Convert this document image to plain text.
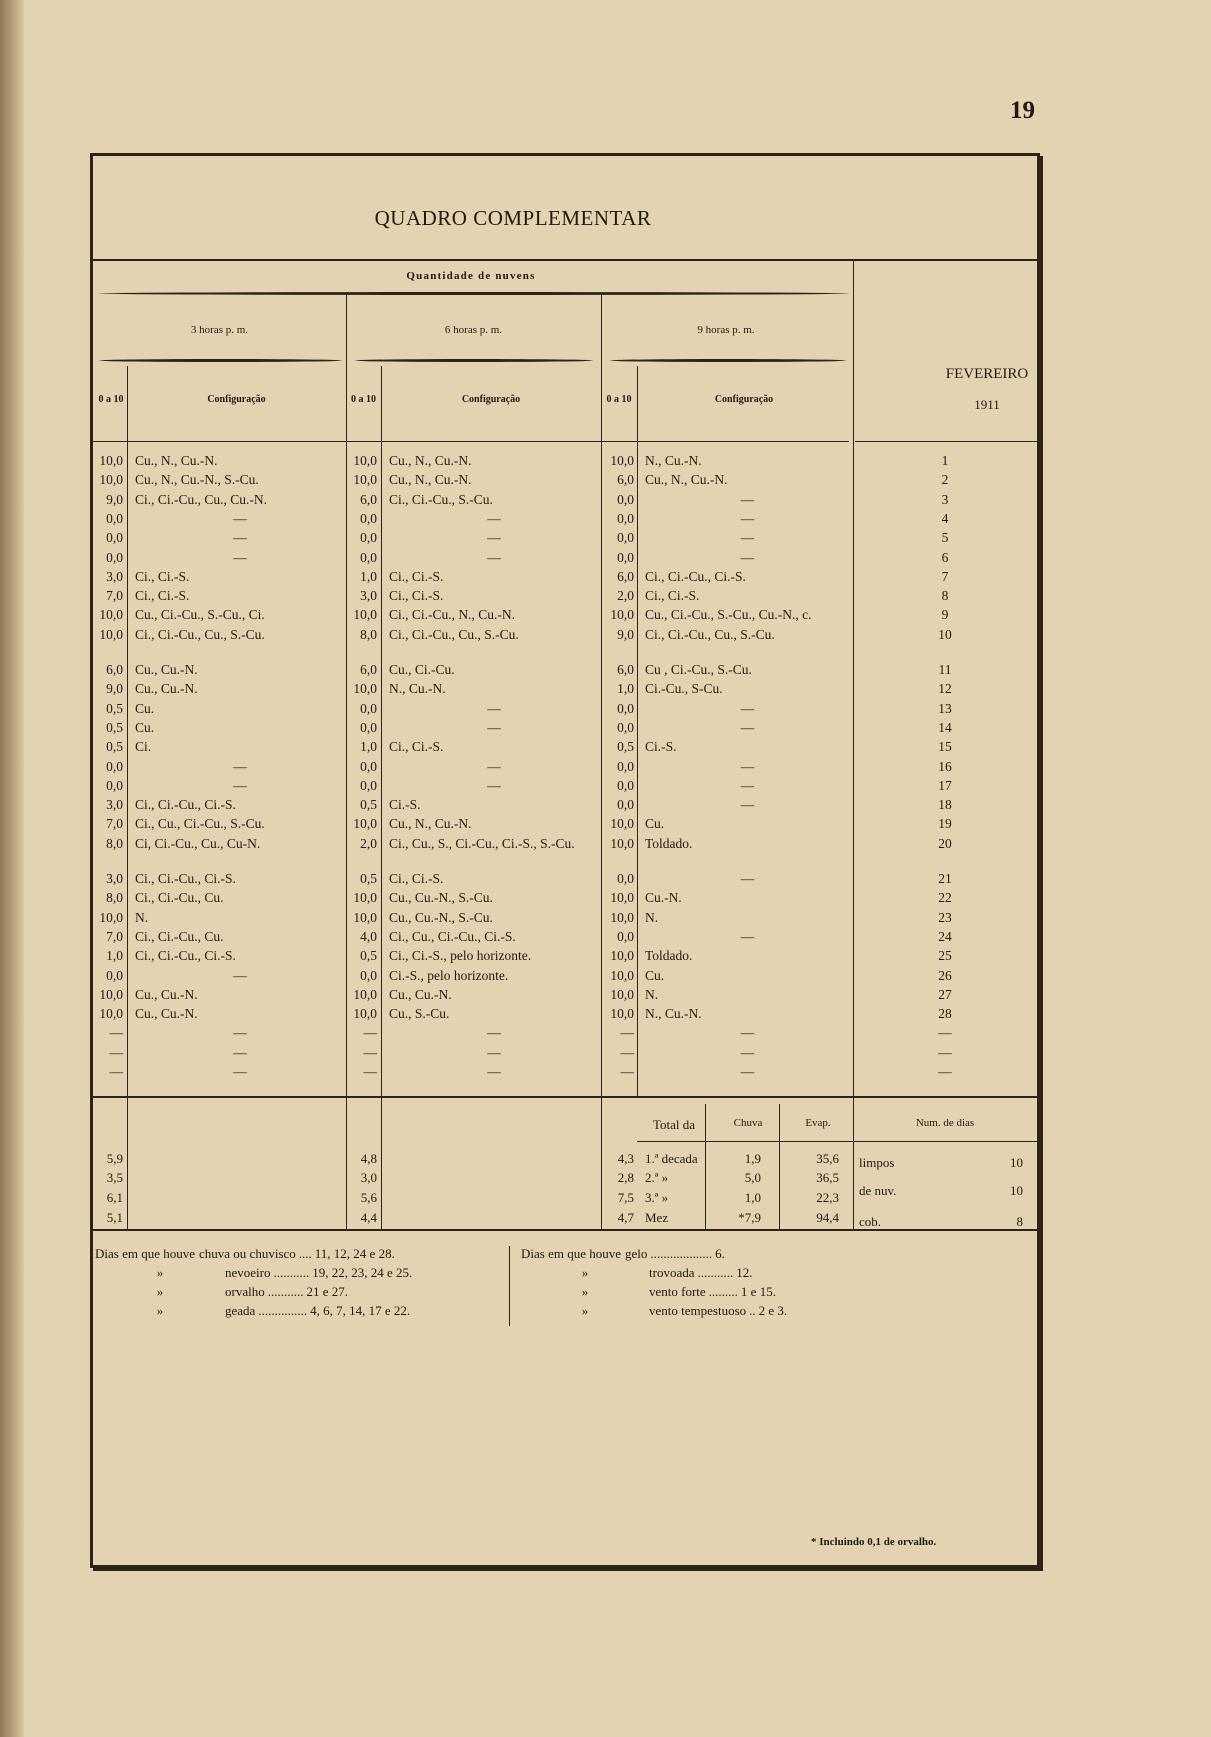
19
QUADRO COMPLEMENTAR
Quantidade de nuvens
3 horas p. m.	6 horas p. m.	9 horas p. m.
FEVEREIRO
1911
0 a 10	Configuração	0 a 10	Configuração	0 a 10	Configuração
10,0 Cu., N., Cu.-N.	10,0 Cu., N., Cu.-N.	10,0 N., Cu.-N.	1
10,0 Cu., N., Cu.-N., S.-Cu.	10,0 Cu., N., Cu.-N.	6,0 Cu., N., Cu.-N.	2
9,0 Ci., Ci.-Cu., Cu., Cu.-N.	6,0 Ci., Ci.-Cu., S.-Cu.	0,0	—	3
0,0	—	0,0	—	0,0	—	4
0,0	—	0,0	—	0,0	—	5
0,0	—	0,0	—	0,0	—	6
3,0 Ci., Ci.-S.	1,0 Ci., Ci.-S.	6,0 Ci., Ci.-Cu., Ci.-S.	7
7,0 Ci., Ci.-S.	3,0 Ci., Ci.-S.	2,0 Ci., Ci.-S.	8
10,0 Cu., Ci.-Cu., S.-Cu., Ci.	10,0 Ci., Ci.-Cu., N., Cu.-N.	10,0 Cu., Ci.-Cu., S.-Cu., Cu.-N., c.	9
10,0 Ci., Ci.-Cu., Cu., S.-Cu.	8,0 Ci., Ci.-Cu., Cu., S.-Cu.	9,0 Ci., Ci.-Cu., Cu., S.-Cu.	10
6,0 Cu., Cu.-N.	6,0 Cu., Ci.-Cu.	6,0 Cu , Ci.-Cu., S.-Cu.	11
9,0 Cu., Cu.-N.	10,0 N., Cu.-N.	1,0 Ci.-Cu., S-Cu.	12
0,5 Cu.	0,0	—	0,0	—	13
0,5 Cu.	0,0	—	0,0	—	14
0,5 Ci.	1,0 Ci., Ci.-S.	0,5 Ci.-S.	15
0,0	—	0,0	—	0,0	—	16
0,0	—	0,0	—	0,0	—	17
3,0 Ci., Ci.-Cu., Ci.-S.	0,5 Ci.-S.	0,0	—	18
7,0 Ci., Cu., Ci.-Cu., S.-Cu.	10,0 Cu., N., Cu.-N.	10,0 Cu.	19
8,0 Ci, Ci.-Cu., Cu., Cu-N.	2,0 Ci., Cu., S., Ci.-Cu., Ci.-S., S.-Cu.	10,0 Toldado.	20
3,0 Ci., Ci.-Cu., Ci.-S.	0,5 Ci., Ci.-S.	0,0	—	21
8,0 Ci., Ci.-Cu., Cu.	10,0 Cu., Cu.-N., S.-Cu.	10,0 Cu.-N.	22
10,0 N.	10,0 Cu., Cu.-N., S.-Cu.	10,0 N.	23
7,0 Ci., Ci.-Cu., Cu.	4,0 Ci., Cu., Ci.-Cu., Ci.-S.	0,0	—	24
1,0 Ci., Ci.-Cu., Ci.-S.	0,5 Ci., Ci.-S., pelo horizonte.	10,0 Toldado.	25
0,0	—	0,0 Ci.-S., pelo horizonte.	10,0 Cu.	26
10,0 Cu., Cu.-N.	10,0 Cu., Cu.-N.	10,0 N.	27
10,0 Cu., Cu.-N.	10,0 Cu., S.-Cu.	10,0 N., Cu.-N.	28
—	—	—	—	—	—	—
—	—	—	—	—	—	—
—	—	—	—	—	—	—
5,9	4,8	4,3 1.ª decada	1,9	35,6
3,5	3,0	2,8 2.ª »	5,0	36,5
6,1	5,6	7,5 3.ª »	1,0	22,3
5,1	4,4	4,7 Mez	*7,9	94,4
Total da	Chuva	Evap.	Num. de dias
limpos	10
de nuv.	10
cob.	8
Dias em que houve chuva ou chuvisco .... 11, 12, 24 e 28.
»	nevoeiro ........... 19, 22, 23, 24 e 25.
»	orvalho ........... 21 e 27.
»	geada ............... 4, 6, 7, 14, 17 e 22.
Dias em que houve gelo ................... 6.
»	trovoada ........... 12.
»	vento forte ......... 1 e 15.
»	vento tempestuoso .. 2 e 3.
* Incluindo 0,1 de orvalho.
